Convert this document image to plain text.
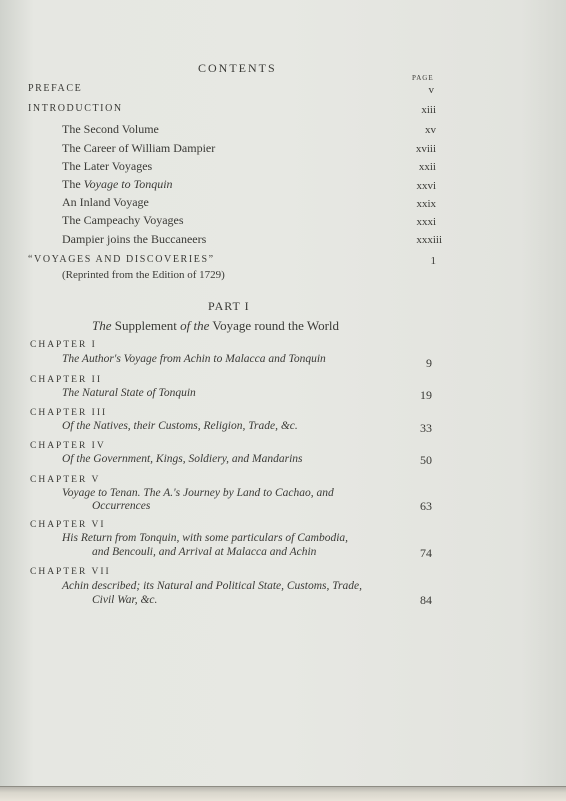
CONTENTS
PAGE
PREFACE	v
INTRODUCTION	xiii
The Second Volume	xv
The Career of William Dampier	xviii
The Later Voyages	xxii
The Voyage to Tonquin	xxvi
An Inland Voyage	xxix
The Campeachy Voyages	xxxi
Dampier joins the Buccaneers	xxxiii
“VOYAGES AND DISCOVERIES”	1
(Reprinted from the Edition of 1729)
PART I
The Supplement of the Voyage round the World
CHAPTER I
The Author's Voyage from Achin to Malacca and Tonquin	9
CHAPTER II
The Natural State of Tonquin	19
CHAPTER III
Of the Natives, their Customs, Religion, Trade, &c.	33
CHAPTER IV
Of the Government, Kings, Soldiery, and Mandarins	50
CHAPTER V
Voyage to Tenan. The A.'s Journey by Land to Cachao, and
Occurrences	63
CHAPTER VI
His Return from Tonquin, with some particulars of Cambodia,
and Bencouli, and Arrival at Malacca and Achin	74
CHAPTER VII
Achin described; its Natural and Political State, Customs, Trade,
Civil War, &c.	84
